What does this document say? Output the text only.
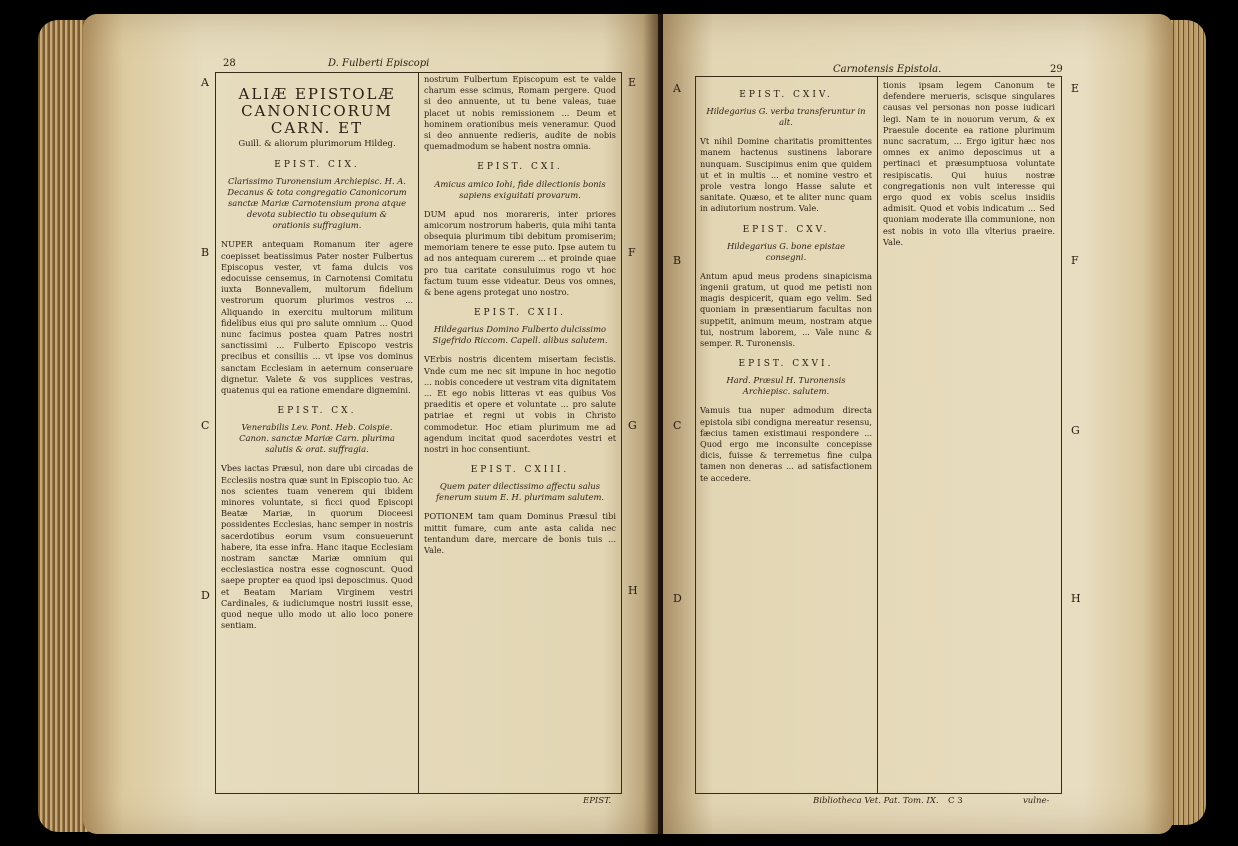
28	D. Fulberti Episcopi
A
B
C
D
E
F
G
H
ALIÆ EPISTOLÆ CANONICORUM CARN. ET
Guill. & aliorum plurimorum Hildeg.
EPIST. CIX.
Clarissimo Turonensium Archiepisc. H. A. Decanus & tota congregatio Canonicorum sanctæ Mariæ Carnotensium prona atque devota subiectio tu obsequium & orationis suffragium.

NUPER antequam Romanum iter agere coepisset beatissimus Pater noster Fulbertus Episcopus vester, vt fama dulcis vos edocuisse censemus, in Carnotensi Comitatu iuxta Bonnevallem, multorum fidelium vestrorum quorum plurimos vestros ... Aliquando in exercitu multorum militum fidelibus eius qui pro salute omnium ... Quod nunc facimus postea quam Patres nostri sanctissimi ... Fulberto Episcopo vestris precibus et consiliis ... vt ipse vos dominus sanctam Ecclesiam in aeternum conseruare dignetur. Valete & vos supplices vestras, quatenus qui ea ratione emendare dignemini.

EPIST. CX.
Venerabilis Lev. Pont. Heb. Coispie. Canon. sanctæ Mariæ Carn. plurima salutis & orat. suffragia.

Vbes iactas Præsul, non dare ubi circadas de Ecclesiis nostra quæ sunt in Episcopio tuo. Ac nos scientes tuam venerem qui ibidem minores voluntate, si ficci quod Episcopi Beatæ Mariæ, in quorum Dioceesi possidentes Ecclesias, hanc semper in nostris sacerdotibus eorum vsum consueuerunt habere, ita esse infra. Hanc itaque Ecclesiam nostram sanctæ Mariæ omnium qui ecclesiastica nostra esse cognoscunt. Quod saepe propter ea quod ipsi deposcimus. Quod et Beatam Mariam Virginem vestri Cardinales, & iudiciumque nostri iussit esse, quod neque ullo modo ut alio loco ponere sentiam.

nostrum Fulbertum Episcopum est te valde charum esse scimus, Romam pergere. Quod si deo annuente, ut tu bene valeas, tuae placet ut nobis remissionem ... Deum et hominem orationibus meis veneramur. Quod si deo annuente redieris, audite de nobis quemadmodum se habent nostra omnia.

EPIST. CXI.
Amicus amico Iohi, fide dilectionis bonis sapiens exiguitati provarum.

DUM apud nos morareris, inter priores amicorum nostrorum haberis, quia mihi tanta obsequia plurimum tibi debitum promiserim; memoriam tenere te esse puto. Ipse autem tu ad nos antequam curerem ... et proinde quae pro tua caritate consuluimus rogo vt hoc factum tuum esse videatur. Deus vos omnes, & bene agens protegat uno nostro.

EPIST. CXII.
Hildegarius Domino Fulberto dulcissimo Sigefrido Riccom. Capell. alibus salutem.

VErbis nostris dicentem misertam fecistis. Vnde cum me nec sit impune in hoc negotio ... nobis concedere ut vestram vita dignitatem ... Et ego nobis litteras vt eas quibus Vos praeditis et opere et voluntate ... pro salute patriae et regni ut vobis in Christo commodetur. Hoc etiam plurimum me ad agendum incitat quod sacerdotes vestri et nostri in hoc consentiunt.

EPIST. CXIII.
Quem pater dilectissimo affectu salus fenerum suum E. H. plurimam salutem.

POTIONEM tam quam Dominus Præsul tibi mittit fumare, cum ante asta calida nec tentandum dare, mercare de bonis tuis ... Vale.

EPIST.
Carnotensis Epistola.	29
A
B
C
D
E
F
G
H
EPIST. CXIV.
Hildegarius G. verba transferuntur in alt.

Vt nihil Domine charitatis promittentes manem hactenus sustinens laborare nunquam. Suscipimus enim que quidem ut et in multis ... et nomine vestro et prole vestra longo Hasse salute et sanitate. Quæso, et te aliter nunc quam in adiutorium nostrum. Vale.

EPIST. CXV.
Hildegarius G. bone epistae consegni.

Antum apud meus prodens sinapicisma ingenii gratum, ut quod me petisti non magis despicerit, quam ego velim. Sed quoniam in præsentiarum facultas non suppetit, animum meum, nostram atque tui, nostrum laborem, ... Vale nunc & semper. R. Turonensis.

EPIST. CXVI.
Hard. Præsul H. Turonensis Archiepisc. salutem.

Vamuis tua nuper admodum directa epistola sibi condigna mereatur resensu, fæcius tamen existimaui respondere ... Quod ergo me inconsulte concepisse dicis, fuisse & terremetus fine culpa tamen non deneras ... ad satisfactionem te accedere.

tionis ipsam legem Canonum te defendere merueris, scisque singulares causas vel personas non posse iudicari legi. Nam te in nouorum verum, & ex Praesule docente ea ratione plurimum nunc sacratum, ... Ergo igitur hæc nos omnes ex animo deposcimus ut a pertinaci et præsumptuosa voluntate resipiscatis. Qui huius nostræ congregationis non vult interesse qui ergo quod ex vobis scelus insidiis admisit. Quod et vobis indicatum ... Sed quoniam moderate illa communione, non est nobis in voto illa vlterius praeire. Vale.

Bibliotheca Vet. Pat. Tom. IX. C 3	vulne-
